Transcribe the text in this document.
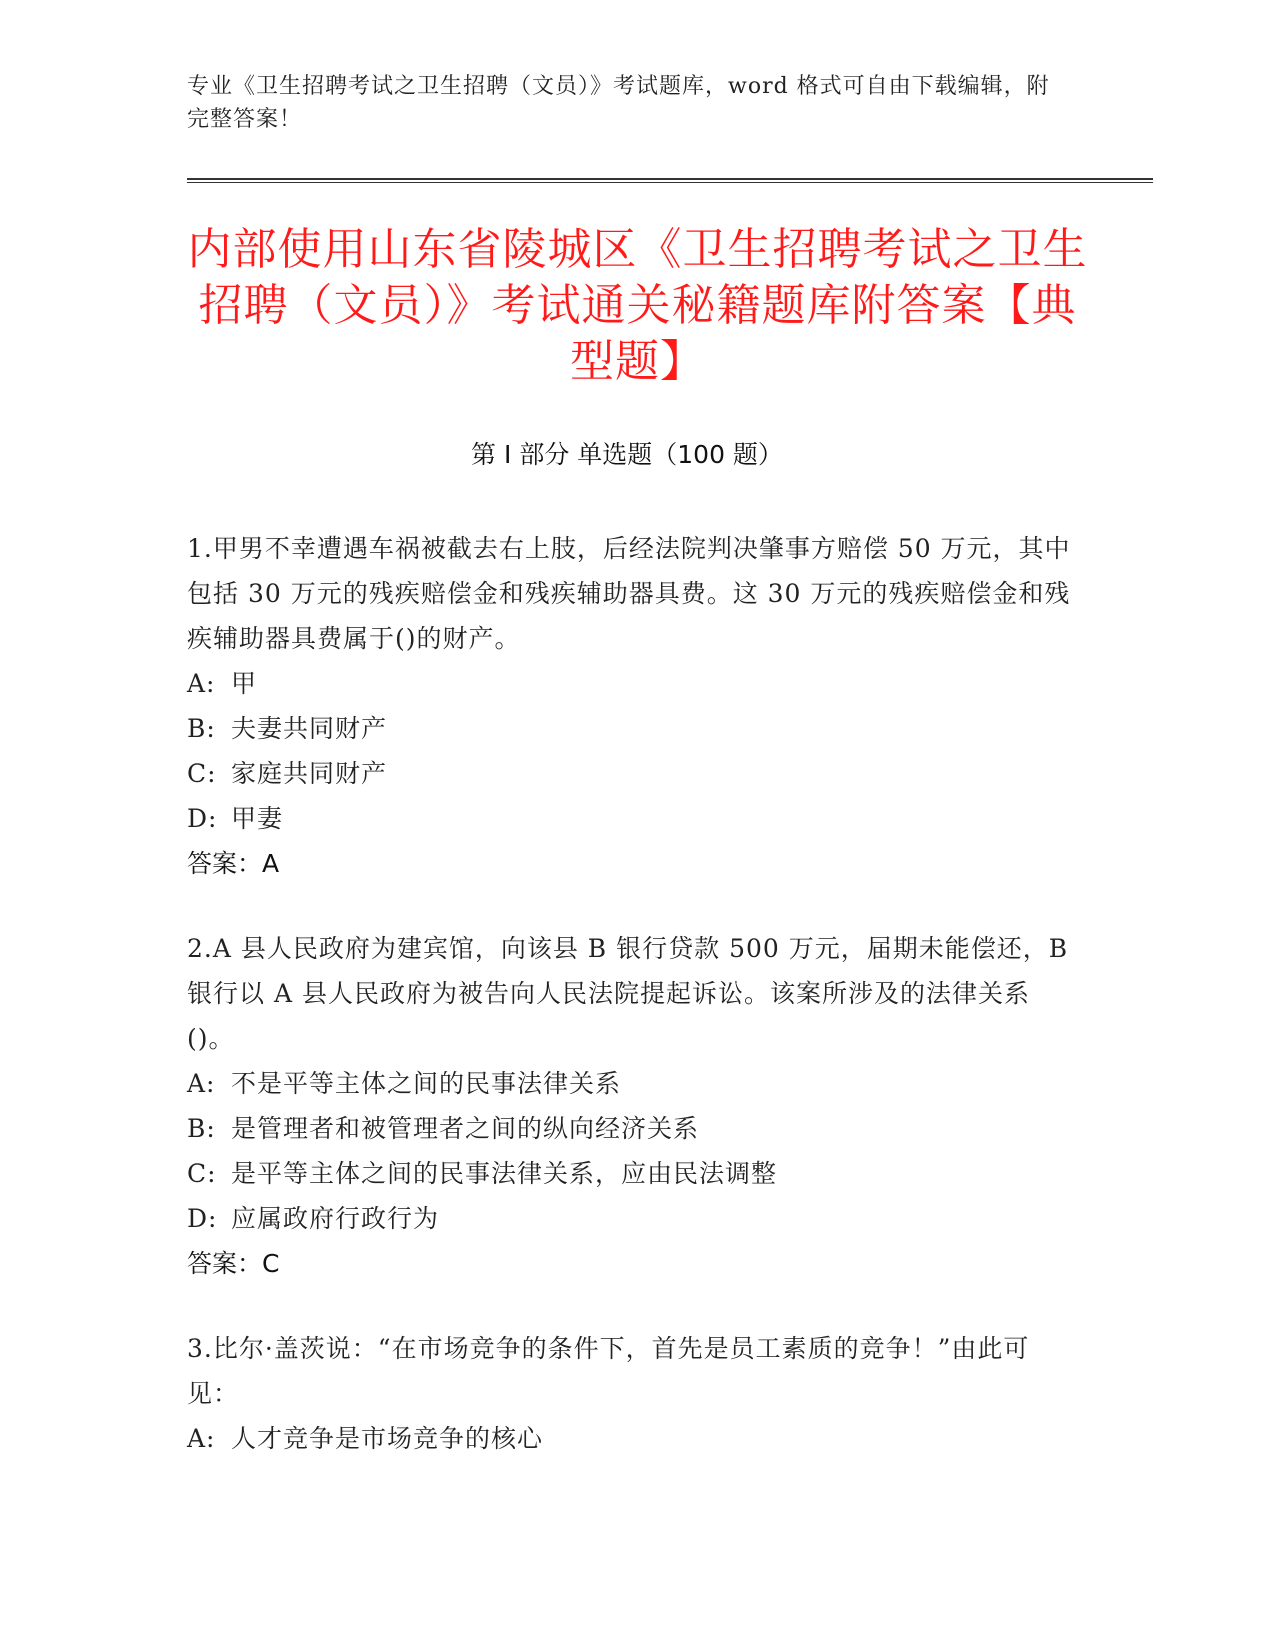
专业《卫生招聘考试之卫生招聘（文员）》考试题库，word 格式可自由下载编辑，附完整答案！
内部使用山东省陵城区《卫生招聘考试之卫生招聘（文员）》考试通关秘籍题库附答案【典型题】
第 I 部分 单选题（100 题）
1.甲男不幸遭遇车祸被截去右上肢，后经法院判决肇事方赔偿 50 万元，其中包括 30 万元的残疾赔偿金和残疾辅助器具费。这 30 万元的残疾赔偿金和残疾辅助器具费属于()的财产。
A: 甲
B: 夫妻共同财产
C: 家庭共同财产
D: 甲妻
答案：A
2.A 县人民政府为建宾馆，向该县 B 银行贷款 500 万元，届期未能偿还，B 银行以 A 县人民政府为被告向人民法院提起诉讼。该案所涉及的法律关系()。
A: 不是平等主体之间的民事法律关系
B: 是管理者和被管理者之间的纵向经济关系
C: 是平等主体之间的民事法律关系，应由民法调整
D: 应属政府行政行为
答案：C
3.比尔·盖茨说：“在市场竞争的条件下，首先是员工素质的竞争！”由此可见：
A: 人才竞争是市场竞争的核心
